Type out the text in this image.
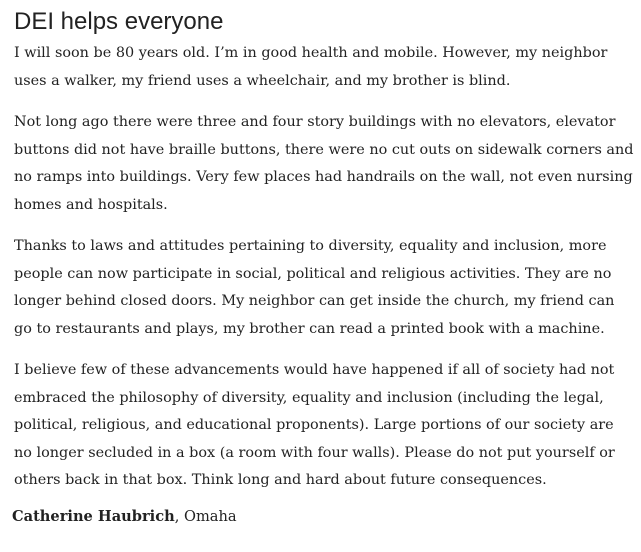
DEI helps everyone

I will soon be 80 years old. I’m in good health and mobile. However, my neighbor uses a walker, my friend uses a wheelchair, and my brother is blind.

Not long ago there were three and four story buildings with no elevators, elevator buttons did not have braille buttons, there were no cut outs on sidewalk corners and no ramps into buildings. Very few places had handrails on the wall, not even nursing homes and hospitals.

Thanks to laws and attitudes pertaining to diversity, equality and inclusion, more people can now participate in social, political and religious activities. They are no longer behind closed doors. My neighbor can get inside the church, my friend can go to restaurants and plays, my brother can read a printed book with a machine.

I believe few of these advancements would have happened if all of society had not embraced the philosophy of diversity, equality and inclusion (including the legal, political, religious, and educational proponents). Large portions of our society are no longer secluded in a box (a room with four walls). Please do not put yourself or others back in that box. Think long and hard about future consequences.

Catherine Haubrich, Omaha
